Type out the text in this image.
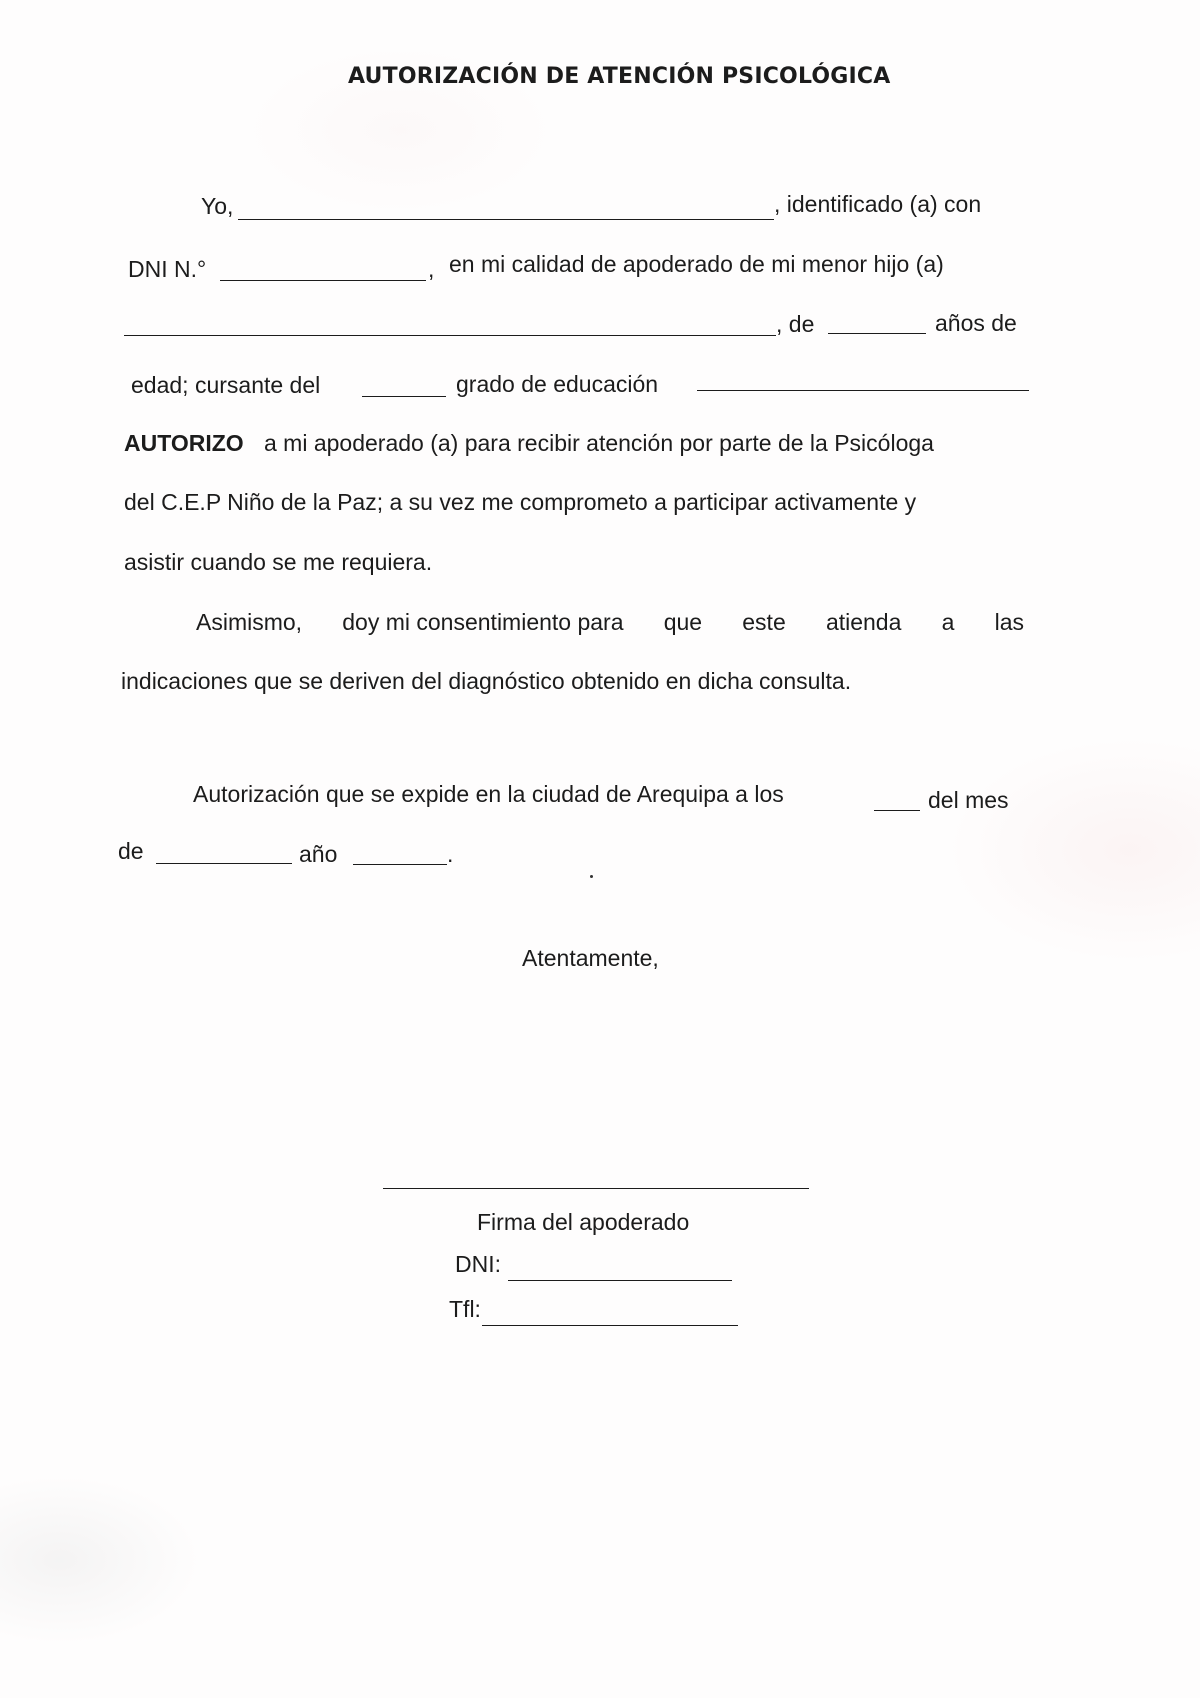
AUTORIZACIÓN DE ATENCIÓN PSICOLÓGICA
Yo,	, identificado (a) con
DNI N.°	, en mi calidad de apoderado de mi menor hijo (a)
, de	años de
edad; cursante del	grado de educación
AUTORIZO a mi apoderado (a) para recibir atención por parte de la Psicóloga
del C.E.P Niño de la Paz; a su vez me comprometo a participar activamente y
asistir cuando se me requiera.
Asimismo, doy mi consentimiento para que este atienda a las
indicaciones que se deriven del diagnóstico obtenido en dicha consulta.
Autorización que se expide en la ciudad de Arequipa a los	del mes
de	año	.
Atentamente,
Firma del apoderado
DNI:
Tfl:
